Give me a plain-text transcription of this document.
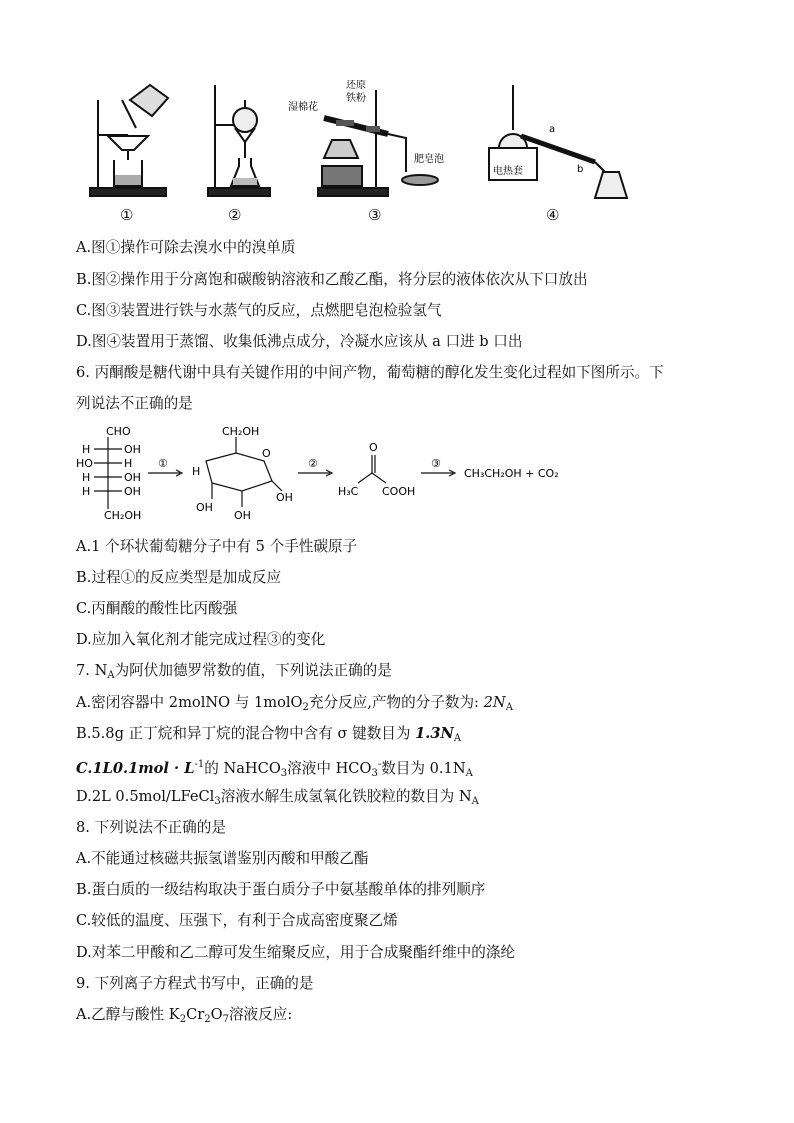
湿棉花
还原
铁粉
肥皂泡
电热套
a
b
①	②	③	④
A.图①操作可除去溴水中的溴单质
B.图②操作用于分离饱和碳酸钠溶液和乙酸乙酯，将分层的液体依次从下口放出
C.图③装置进行铁与水蒸气的反应，点燃肥皂泡检验氢气
D.图④装置用于蒸馏、收集低沸点成分，冷凝水应该从 a 口进 b 口出
6. 丙酮酸是糖代谢中具有关键作用的中间产物，葡萄糖的醇化发生变化过程如下图所示。下
列说法不正确的是
CHO
H	OH
HO	H
H	OH
H	OH
CH₂OH
①
CH₂OH
O
H
OH
OH
OH
②
O
H₃C COOH
③
CH₃CH₂OH + CO₂
A.1 个环状葡萄糖分子中有 5 个手性碳原子
B.过程①的反应类型是加成反应
C.丙酮酸的酸性比丙酸强
D.应加入氧化剂才能完成过程③的变化
7. $N_A$为阿伏加德罗常数的值，下列说法正确的是
A.密闭容器中 2molNO 与 1molO$_2$充分反应,产物的分子数为: $2N_A$
B.5.8g 正丁烷和异丁烷的混合物中含有 σ 键数目为 $1.3N_A$
$C.1L0.1mol \cdot L^{-1}$的 NaHCO$_3$溶液中 $HCO_3^-$数目为 $0.1N_A$
D.2L 0.5mol/LFeCl$_3$溶液水解生成氢氧化铁胶粒的数目为 $N_A$
8. 下列说法不正确的是
A.不能通过核磁共振氢谱鉴别丙酸和甲酸乙酯
B.蛋白质的一级结构取决于蛋白质分子中氨基酸单体的排列顺序
C.较低的温度、压强下，有利于合成高密度聚乙烯
D.对苯二甲酸和乙二醇可发生缩聚反应，用于合成聚酯纤维中的涤纶
9. 下列离子方程式书写中，正确的是
A.乙醇与酸性 $K_2Cr_2O_7$溶液反应:
